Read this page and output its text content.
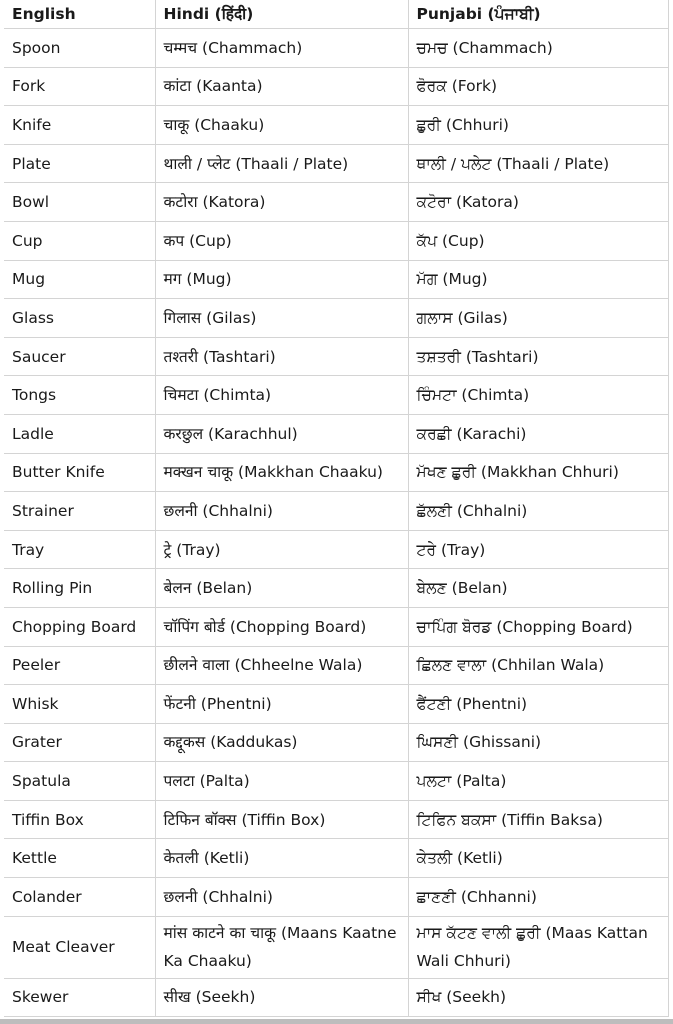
English	Hindi (हिंदी)	Punjabi (ਪੰਜਾਬੀ)
Spoon	चम्मच (Chammach)	ਚਮਚ (Chammach)
Fork	कांटा (Kaanta)	ਫੋਰਕ (Fork)
Knife	चाकू (Chaaku)	ਛੁਰੀ (Chhuri)
Plate	थाली / प्लेट (Thaali / Plate)	ਥਾਲੀ / ਪਲੇਟ (Thaali / Plate)
Bowl	कटोरा (Katora)	ਕਟੋਰਾ (Katora)
Cup	कप (Cup)	ਕੱਪ (Cup)
Mug	मग (Mug)	ਮੱਗ (Mug)
Glass	गिलास (Gilas)	ਗਲਾਸ (Gilas)
Saucer	तश्तरी (Tashtari)	ਤਸ਼ਤਰੀ (Tashtari)
Tongs	चिमटा (Chimta)	ਚਿੰਮਟਾ (Chimta)
Ladle	करछुल (Karachhul)	ਕਰਛੀ (Karachi)
Butter Knife	मक्खन चाकू (Makkhan Chaaku)	ਮੱਖਣ ਛੁਰੀ (Makkhan Chhuri)
Strainer	छलनी (Chhalni)	ਛੱਲਣੀ (Chhalni)
Tray	ट्रे (Tray)	ਟਰੇ (Tray)
Rolling Pin	बेलन (Belan)	ਬੇਲਣ (Belan)
Chopping Board	चॉपिंग बोर्ड (Chopping Board)	ਚਾਪਿੰਗ ਬੋਰਡ (Chopping Board)
Peeler	छीलने वाला (Chheelne Wala)	ਛਿਲਣ ਵਾਲਾ (Chhilan Wala)
Whisk	फेंटनी (Phentni)	ਫੈਂਟਣੀ (Phentni)
Grater	कद्दूकस (Kaddukas)	ਘਿਸਣੀ (Ghissani)
Spatula	पलटा (Palta)	ਪਲਟਾ (Palta)
Tiffin Box	टिफिन बॉक्स (Tiffin Box)	ਟਿਫਿਨ ਬਕਸਾ (Tiffin Baksa)
Kettle	केतली (Ketli)	ਕੇਤਲੀ (Ketli)
Colander	छलनी (Chhalni)	ਛਾਣਣੀ (Chhanni)
Meat Cleaver	मांस काटने का चाकू (Maans Kaatne Ka Chaaku)	ਮਾਸ ਕੱਟਣ ਵਾਲੀ ਛੁਰੀ (Maas Kattan Wali Chhuri)
Skewer	सीख (Seekh)	ਸੀਖ (Seekh)
